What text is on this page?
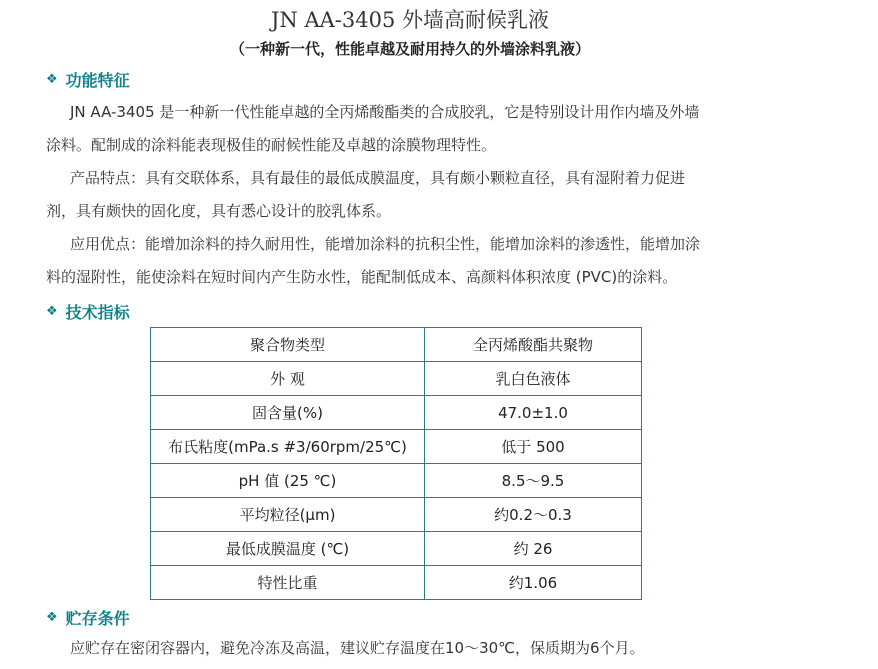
JN AA-3405 外墙高耐候乳液
（一种新一代，性能卓越及耐用持久的外墙涂料乳液）
❖ 功能特征
JN AA-3405 是一种新一代性能卓越的全丙烯酸酯类的合成胶乳，它是特别设计用作内墙及外墙
涂料。配制成的涂料能表现极佳的耐候性能及卓越的涂膜物理特性。
产品特点：具有交联体系，具有最佳的最低成膜温度，具有颇小颗粒直径，具有湿附着力促进
剂，具有颇快的固化度，具有悉心设计的胶乳体系。
应用优点：能增加涂料的持久耐用性，能增加涂料的抗积尘性，能增加涂料的渗透性，能增加涂
料的湿附性，能使涂料在短时间内产生防水性，能配制低成本、高颜料体积浓度 (PVC)的涂料。
❖ 技术指标
聚合物类型	全丙烯酸酯共聚物
外 观	乳白色液体
固含量(%)	47.0±1.0
布氏粘度(mPa.s #3/60rpm/25℃)	低于 500
pH 值 (25 ℃)	8.5～9.5
平均粒径(μm)	约0.2～0.3
最低成膜温度 (℃)	约 26
特性比重	约1.06
❖ 贮存条件
应贮存在密闭容器内，避免冷冻及高温，建议贮存温度在10～30℃，保质期为6个月。
